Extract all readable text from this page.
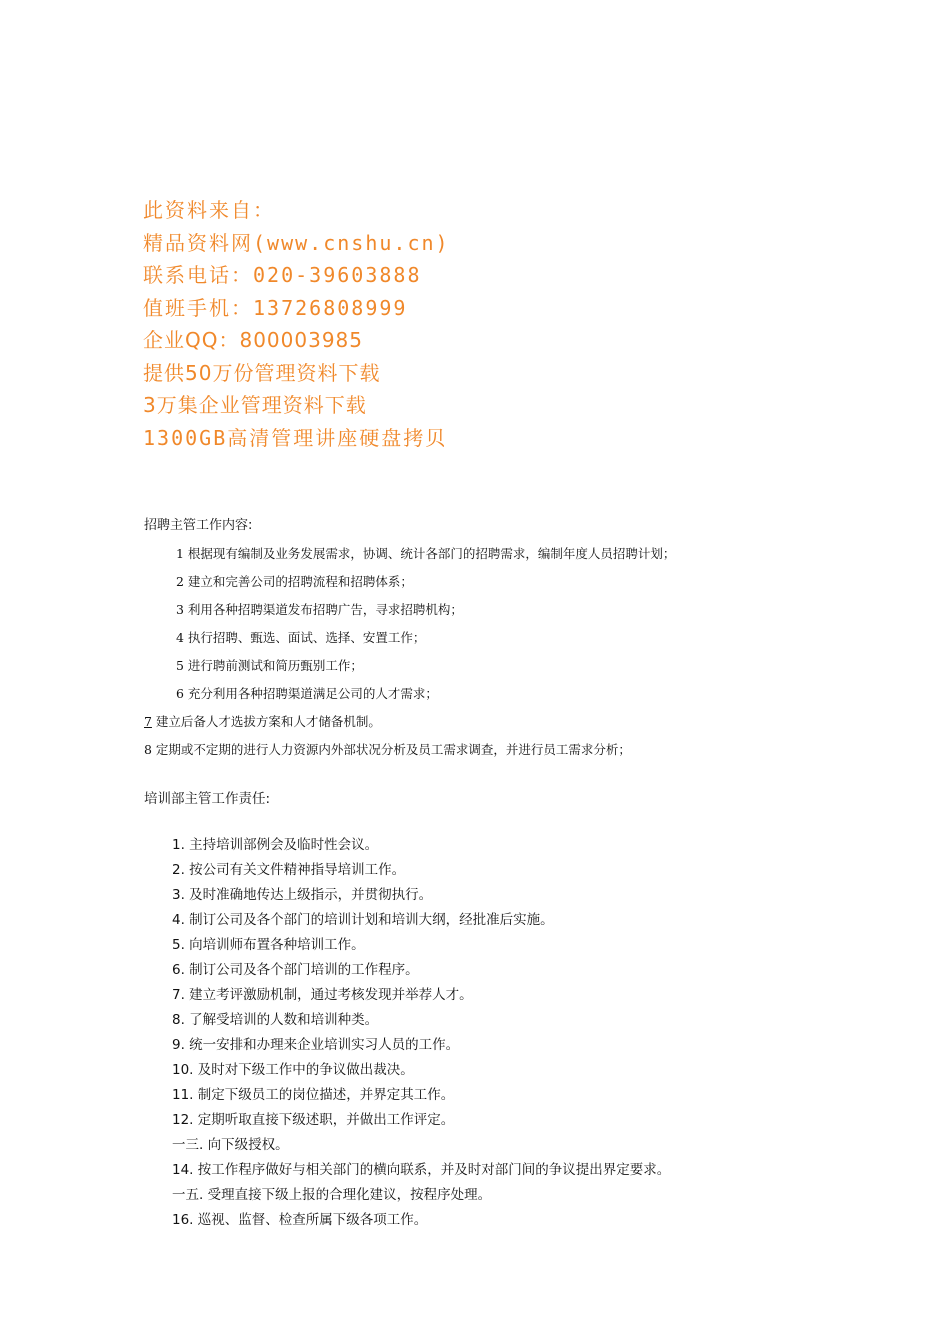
此资料来自：
精品资料网(www.cnshu.cn)
联系电话：020-39603888
值班手机：13726808999
企业QQ：800003985
提供50万份管理资料下载
3万集企业管理资料下载
1300GB高清管理讲座硬盘拷贝
招聘主管工作内容:
1 根据现有编制及业务发展需求，协调、统计各部门的招聘需求，编制年度人员招聘计划；
2 建立和完善公司的招聘流程和招聘体系；
3 利用各种招聘渠道发布招聘广告，寻求招聘机构；
4 执行招聘、甄选、面试、选择、安置工作；
5 进行聘前测试和简历甄别工作；
6 充分利用各种招聘渠道满足公司的人才需求；
7 建立后备人才选拔方案和人才储备机制。
8 定期或不定期的进行人力资源内外部状况分析及员工需求调查，并进行员工需求分析；
培训部主管工作责任:
1. 主持培训部例会及临时性会议。
2. 按公司有关文件精神指导培训工作。
3. 及时准确地传达上级指示，并贯彻执行。
4. 制订公司及各个部门的培训计划和培训大纲，经批准后实施。
5. 向培训师布置各种培训工作。
6. 制订公司及各个部门培训的工作程序。
7. 建立考评激励机制，通过考核发现并举荐人才。
8. 了解受培训的人数和培训种类。
9. 统一安排和办理来企业培训实习人员的工作。
10. 及时对下级工作中的争议做出裁决。
11. 制定下级员工的岗位描述，并界定其工作。
12. 定期听取直接下级述职，并做出工作评定。
一三. 向下级授权。
14. 按工作程序做好与相关部门的横向联系，并及时对部门间的争议提出界定要求。
一五. 受理直接下级上报的合理化建议，按程序处理。
16. 巡视、监督、检查所属下级各项工作。
